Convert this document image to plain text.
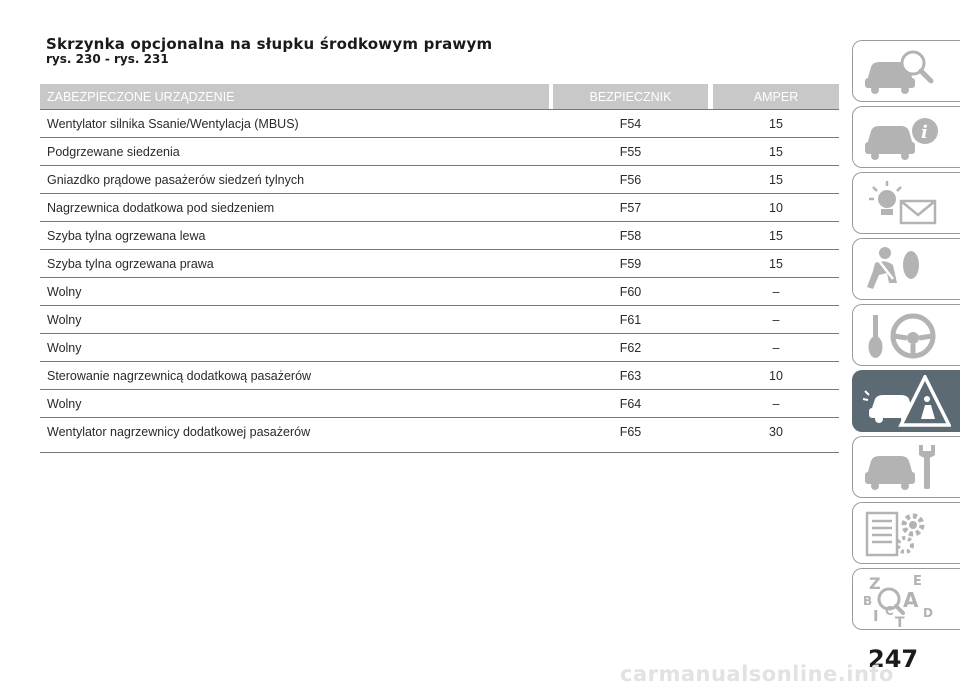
Skrzynka opcjonalna na słupku środkowym prawym
rys. 230 - rys. 231
ZABEZPIECZONE URZĄDZENIE	BEZPIECZNIK	AMPER
Wentylator silnika Ssanie/Wentylacja (MBUS)	F54	15
Podgrzewane siedzenia	F55	15
Gniazdko prądowe pasażerów siedzeń tylnych	F56	15
Nagrzewnica dodatkowa pod siedzeniem	F57	10
Szyba tylna ogrzewana lewa	F58	15
Szyba tylna ogrzewana prawa	F59	15
Wolny	F60	–
Wolny	F61	–
Wolny	F62	–
Sterowanie nagrzewnicą dodatkową pasażerów	F63	10
Wolny	F64	–
Wentylator nagrzewnicy dodatkowej pasażerów	F65	30
i
Z E
B A
I C D
T
247
carmanualsonline.info
